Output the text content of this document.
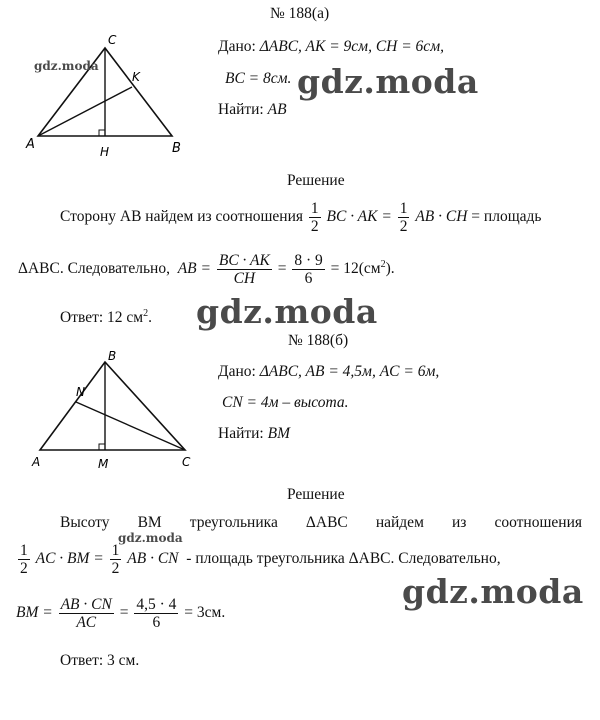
№ 188(а)
C
K
A	H	B
gdz.moda
Дано: ΔABC, AK = 9см, CH = 6см,
BC = 8см. gdz.moda
Найти: AB
Решение
Сторону AB найдем из соотношения $\frac{1}{2}$ BC · AK = $\frac{1}{2}$ AB · CH = площадь
ΔABC. Следовательно, AB = $\frac{BC \cdot AK}{CH} = \frac{8 \cdot 9}{6} = 12(см^2)$.
Ответ: 12 $см^2$. gdz.moda
№ 188(б)
B
N
A	M	C
Дано: ΔABC, AB = 4,5м, AC = 6м,
CN = 4м – высота.
Найти: BM
Решение
Высоту BM треугольника ΔABC найдем из соотношения
gdz.moda
$\frac{1}{2}$ AC · BM = $\frac{1}{2}$ AB · CN - площадь треугольника ΔABC. Следовательно,
BM = $\frac{AB \cdot CN}{AC} = \frac{4,5 \cdot 4}{6} = 3см$.
gdz.moda
Ответ: 3 см.
